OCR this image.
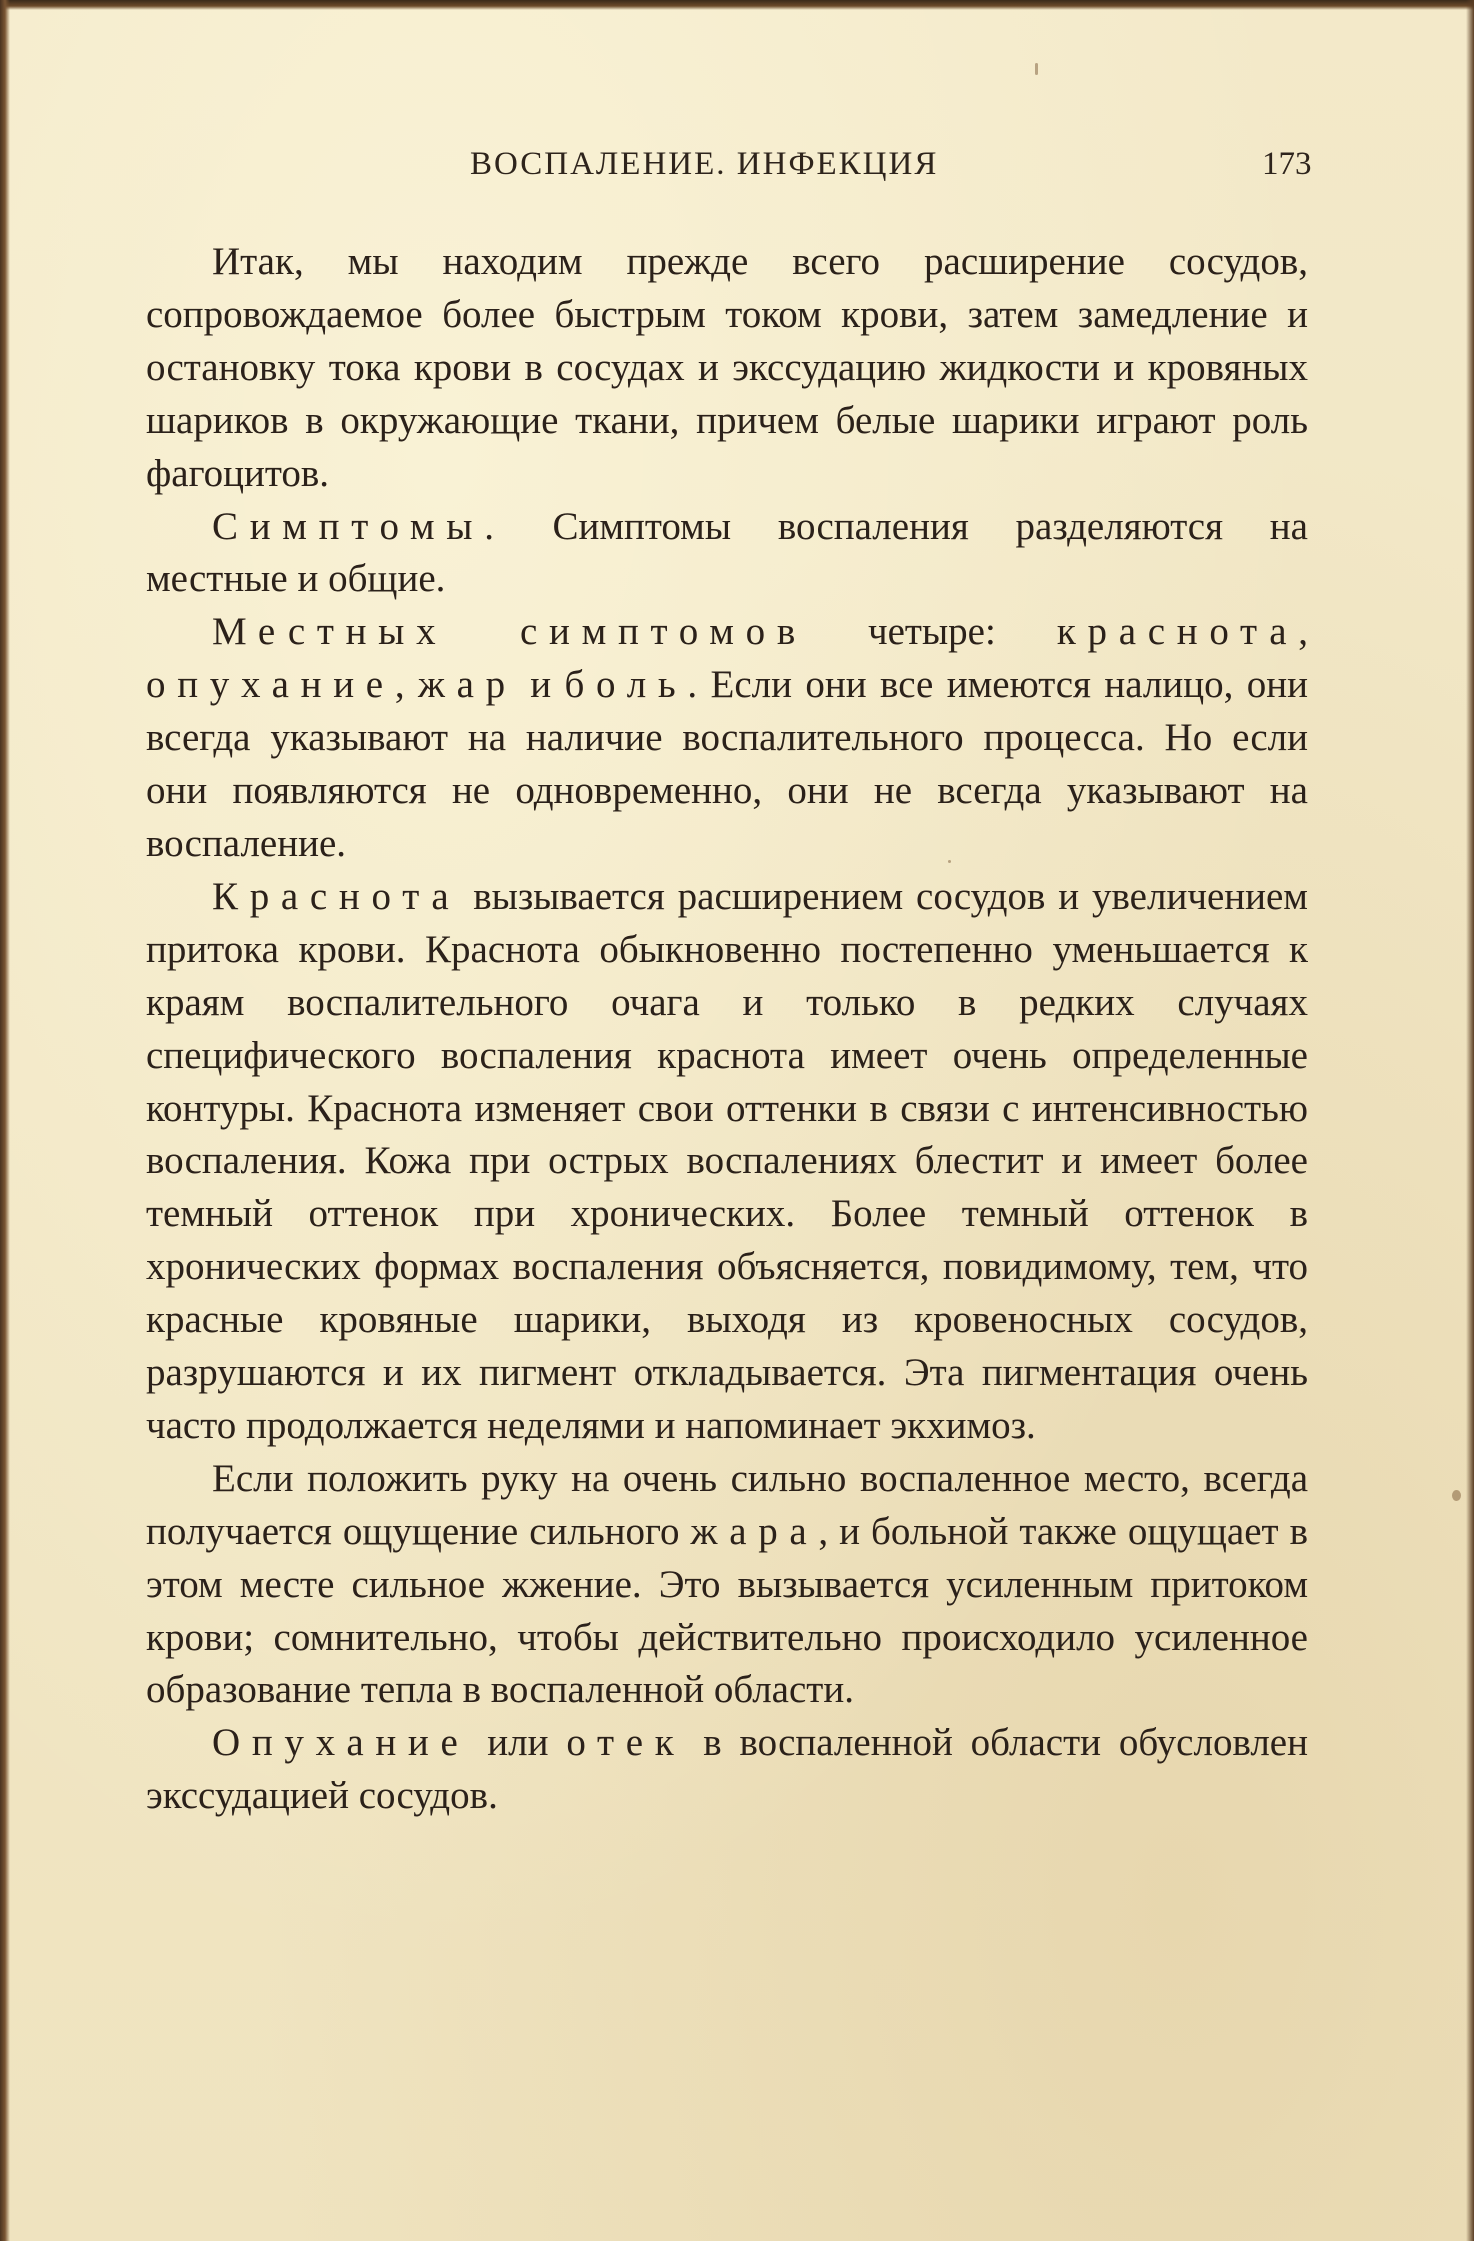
ВОСПАЛЕНИЕ. ИНФЕКЦИЯ	173

Итак, мы находим прежде всего расширение сосудов, сопровождаемое более быстрым током крови, затем замедление и остановку тока крови в сосудах и экссудацию жидкости и кровяных шариков в окружающие ткани, причем белые шарики играют роль фагоцитов.

Симптомы. Симптомы воспаления разделяются на местные и общие.

Местных симптомов четыре: краснота, опухание, жар и боль. Если они все имеются налицо, они всегда указывают на наличие воспалительного процесса. Но если они появляются не одновременно, они не всегда указывают на воспаление.

Краснота вызывается расширением сосудов и увеличением притока крови. Краснота обыкновенно постепенно уменьшается к краям воспалительного очага и только в редких случаях специфического воспаления краснота имеет очень определенные контуры. Краснота изменяет свои оттенки в связи с интенсивностью воспаления. Кожа при острых воспалениях блестит и имеет более темный оттенок при хронических. Более темный оттенок в хронических формах воспаления объясняется, повидимому, тем, что красные кровяные шарики, выходя из кровеносных сосудов, разрушаются и их пигмент откладывается. Эта пигментация очень часто продолжается неделями и напоминает экхимоз.

Если положить руку на очень сильно воспаленное место, всегда получается ощущение сильного жара, и больной также ощущает в этом месте сильное жжение. Это вызывается усиленным притоком крови; сомнительно, чтобы действительно происходило усиленное образование тепла в воспаленной области.

Опухание или отек в воспаленной области обусловлен экссудацией сосудов.
